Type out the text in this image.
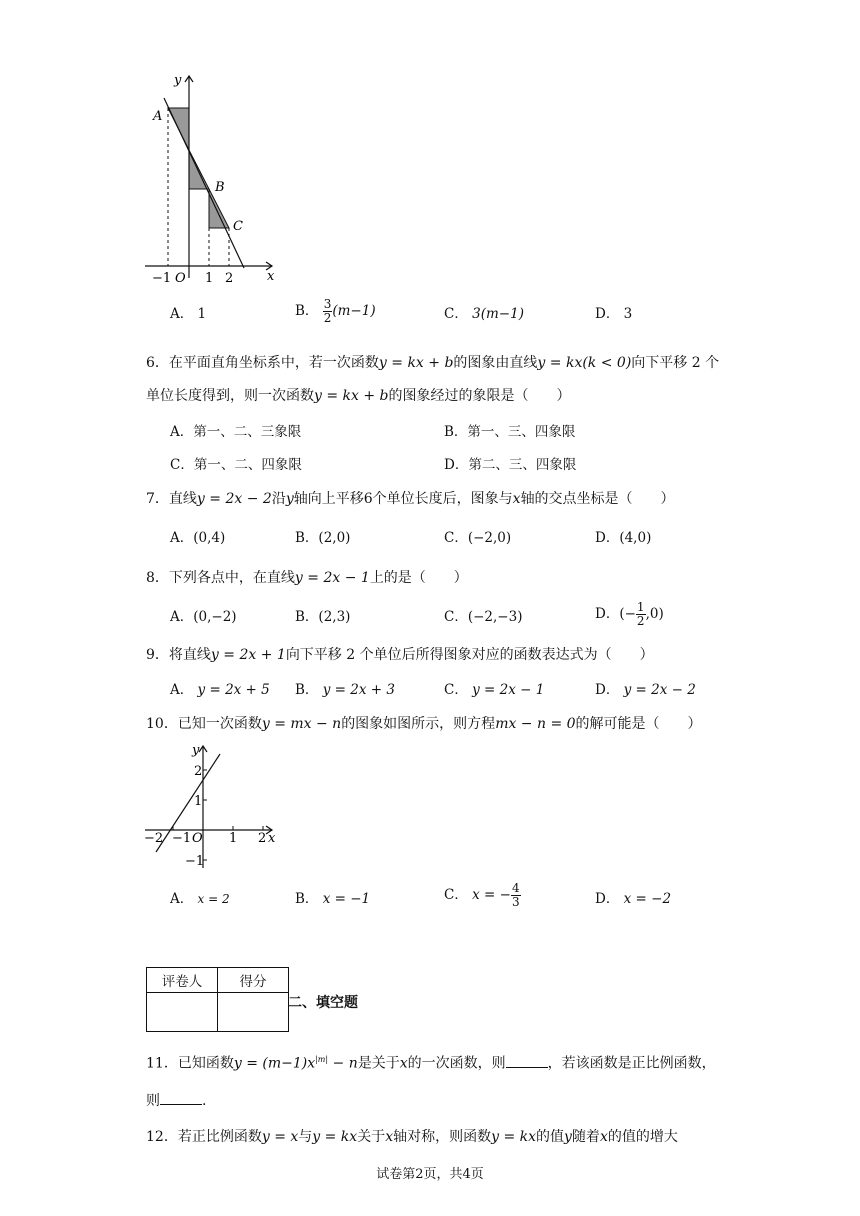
x
y
A
B
C
−1 O 1 2
A． 1	B． $\frac{3}{2} (m-1)$	C． 3(m−1)	D． 3
6．在平面直角坐标系中，若一次函数y = kx + b的图象由直线y = kx(k < 0)向下平移 2 个
单位长度得到，则一次函数y = kx + b的图象经过的象限是（　　）
A．第一、二、三象限	B．第一、三、四象限
C．第一、二、四象限	D．第二、三、四象限
7．直线y = 2x − 2沿y轴向上平移6个单位长度后，图象与x轴的交点坐标是（　　）
A．(0,4)	B．(2,0)	C．(−2,0)	D．(4,0)
8．下列各点中，在直线y = 2x − 1上的是（　　）
A．(0,−2)	B．(2,3)	C．(−2,−3)	D．(− $\frac{1}{2} ,0$)
9．将直线y = 2x + 1向下平移 2 个单位后所得图象对应的函数表达式为（　　）
A． y = 2x + 5 B． y = 2x + 3	C． y = 2x − 1	D． y = 2x − 2
10．已知一次函数y = mx − n的图象如图所示，则方程mx − n = 0的解可能是（　　）
y
x
2
1
−1
−2 −1 O 1 2
A． x = 2	B． x = −1	C． x = − $\frac{4}{3}$	D． x = −2
评卷人	得分

二、填空题
11．已知函数$y = (m-1)x^{|m|} - n$是关于x的一次函数，则	，若该函数是正比例函数，
则	.
12．若正比例函数y = x与y = kx关于x轴对称，则函数y = kx的值y随着x的值的增大
试卷第2页，共4页
